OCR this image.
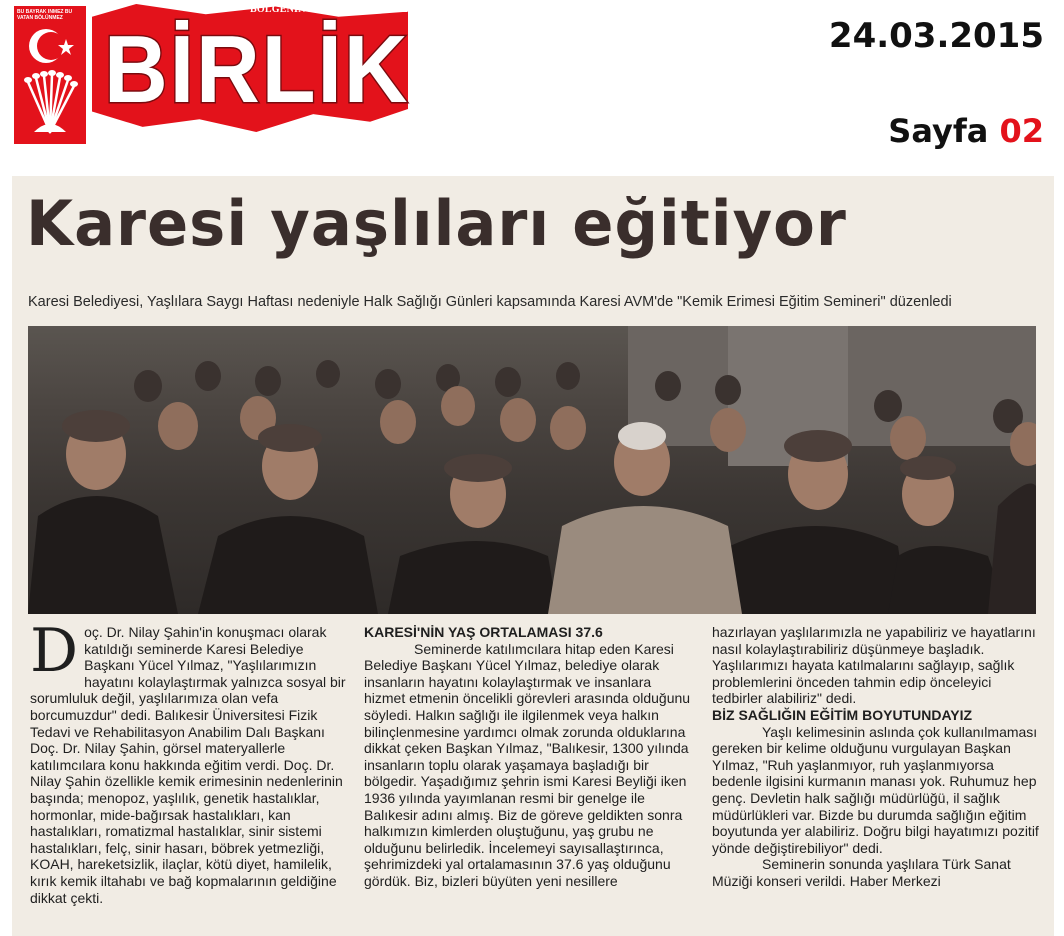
BU BAYRAK INMEZ BU VATAN BÖLÜNMEZ
BÖLGENİN EN GÜÇLÜ GAZETESİ
BİRLİK	24.03.2015
Sayfa 02
Karesi yaşlıları eğitiyor
Karesi Belediyesi, Yaşlılara Saygı Haftası nedeniyle Halk Sağlığı Günleri kapsamında Karesi AVM'de "Kemik Erimesi Eğitim Semineri" düzenledi
D oç. Dr. Nilay Şahin'in konuşmacı olarak katıldığı seminerde Karesi Belediye Başkanı Yücel Yılmaz, "Yaşlılarımızın hayatını kolaylaştırmak yalnızca sosyal bir sorumluluk değil, yaşlılarımıza olan vefa borcumuzdur" dedi. Balıkesir Üniversitesi Fizik Tedavi ve Rehabilitasyon Anabilim Dalı Başkanı Doç. Dr. Nilay Şahin, görsel materyallerle katılımcılara konu hakkında eğitim verdi. Doç. Dr. Nilay Şahin özellikle kemik erimesinin nedenlerinin başında; menopoz, yaşlılık, genetik hastalıklar, hormonlar, mide-bağırsak hastalıkları, kan hastalıkları, romatizmal hastalıklar, sinir sistemi hastalıkları, felç, sinir hasarı, böbrek yetmezliği, KOAH, hareketsizlik, ilaçlar, kötü diyet, hamilelik, kırık kemik iltahabı ve bağ kopmalarının geldiğine dikkat çekti.

KARESİ'NİN YAŞ ORTALAMASI 37.6

Seminerde katılımcılara hitap eden Karesi Belediye Başkanı Yücel Yılmaz, belediye olarak insanların hayatını kolaylaştırmak ve insanlara hizmet etmenin öncelikli görevleri arasında olduğunu söyledi. Halkın sağlığı ile ilgilenmek veya halkın bilinçlenmesine yardımcı olmak zorunda olduklarına dikkat çeken Başkan Yılmaz, "Balıkesir, 1300 yılında insanların toplu olarak yaşamaya başladığı bir bölgedir. Yaşadığımız şehrin ismi Karesi Beyliği iken 1936 yılında yayımlanan resmi bir genelge ile Balıkesir adını almış. Biz de göreve geldikten sonra halkımızın kimlerden oluştuğunu, yaş grubu ne olduğunu belirledik. İncelemeyi sayısallaştırınca, şehrimizdeki yal ortalamasının 37.6 yaş olduğunu gördük. Biz, bizleri büyüten yeni nesillere

hazırlayan yaşlılarımızla ne yapabiliriz ve hayatlarını nasıl kolaylaştırabiliriz düşünmeye başladık. Yaşlılarımızı hayata katılmalarını sağlayıp, sağlık problemlerini önceden tahmin edip önceleyici tedbirler alabiliriz" dedi.

BİZ SAĞLIĞIN EĞİTİM BOYUTUNDAYIZ

Yaşlı kelimesinin aslında çok kullanılmaması gereken bir kelime olduğunu vurgulayan Başkan Yılmaz, "Ruh yaşlanmıyor, ruh yaşlanmıyorsa bedenle ilgisini kurmanın manası yok. Ruhumuz hep genç. Devletin halk sağlığı müdürlüğü, il sağlık müdürlükleri var. Bizde bu durumda sağlığın eğitim boyutunda yer alabiliriz. Doğru bilgi hayatımızı pozitif yönde değiştirebiliyor" dedi.

Seminerin sonunda yaşlılara Türk Sanat Müziği konseri verildi. Haber Merkezi
